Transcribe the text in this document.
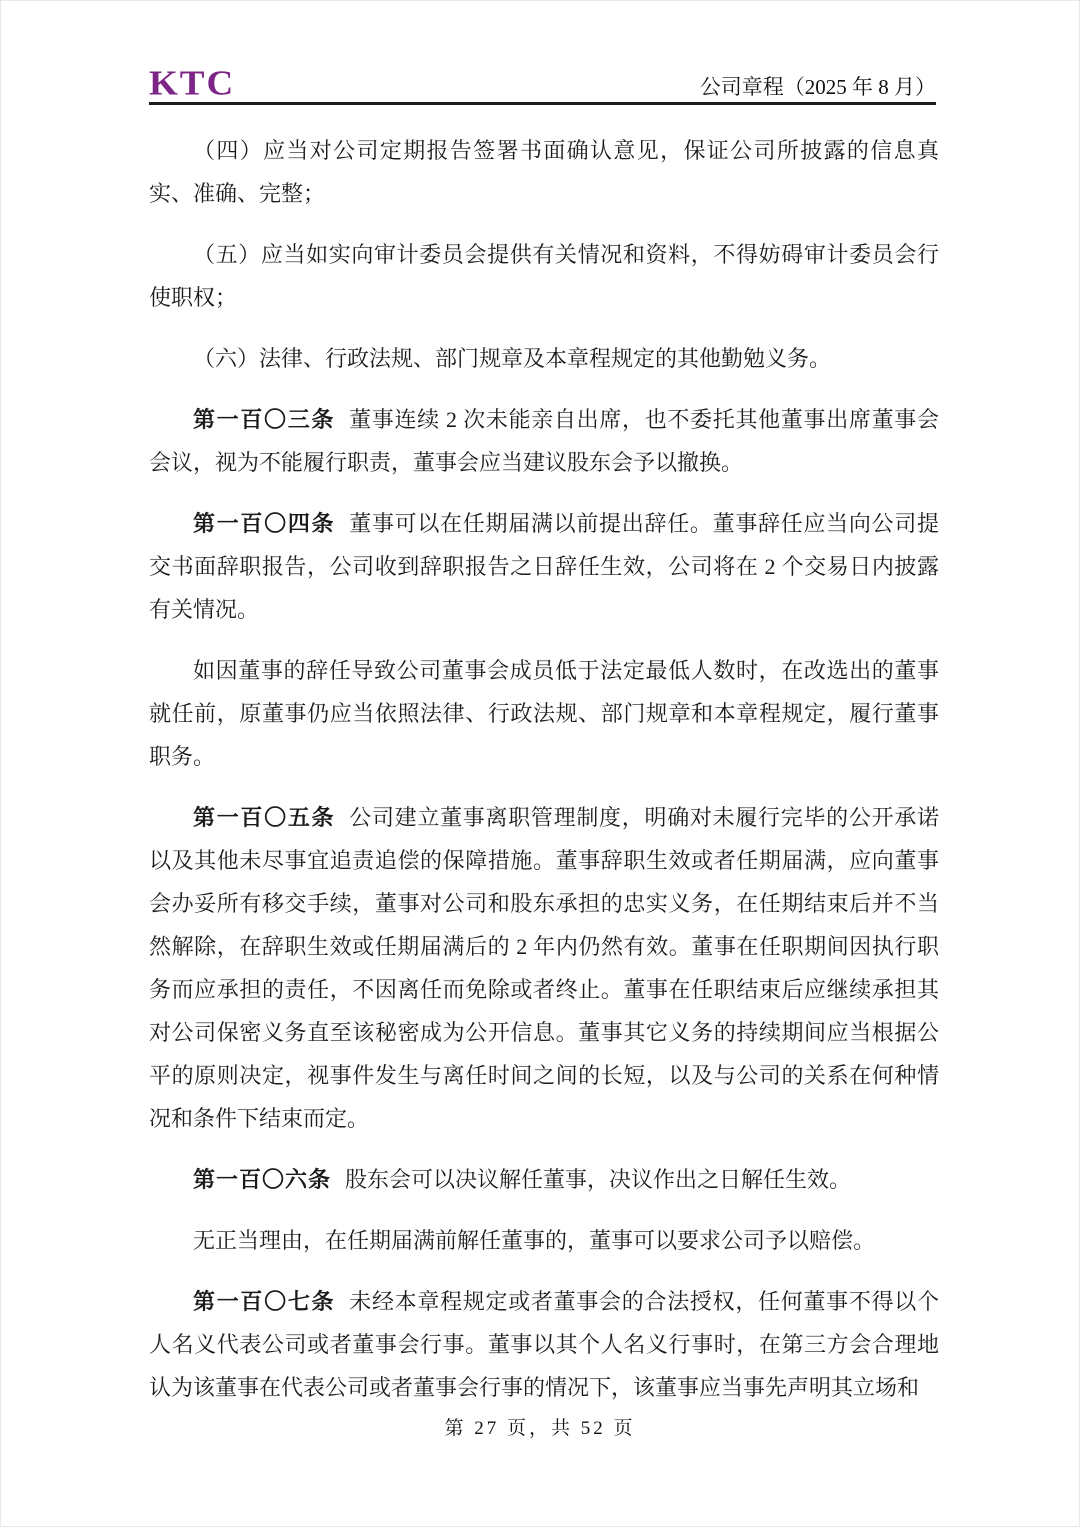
KTC	公司章程（2025 年 8 月）

（四）应当对公司定期报告签署书面确认意见，保证公司所披露的信息真实、准确、完整；

（五）应当如实向审计委员会提供有关情况和资料，不得妨碍审计委员会行使职权；

（六）法律、行政法规、部门规章及本章程规定的其他勤勉义务。

第一百〇三条 董事连续 2 次未能亲自出席，也不委托其他董事出席董事会会议，视为不能履行职责，董事会应当建议股东会予以撤换。

第一百〇四条 董事可以在任期届满以前提出辞任。董事辞任应当向公司提交书面辞职报告，公司收到辞职报告之日辞任生效，公司将在 2 个交易日内披露有关情况。

如因董事的辞任导致公司董事会成员低于法定最低人数时，在改选出的董事就任前，原董事仍应当依照法律、行政法规、部门规章和本章程规定，履行董事职务。

第一百〇五条 公司建立董事离职管理制度，明确对未履行完毕的公开承诺以及其他未尽事宜追责追偿的保障措施。董事辞职生效或者任期届满，应向董事会办妥所有移交手续，董事对公司和股东承担的忠实义务，在任期结束后并不当然解除，在辞职生效或任期届满后的 2 年内仍然有效。董事在任职期间因执行职务而应承担的责任，不因离任而免除或者终止。董事在任职结束后应继续承担其对公司保密义务直至该秘密成为公开信息。董事其它义务的持续期间应当根据公平的原则决定，视事件发生与离任时间之间的长短，以及与公司的关系在何种情况和条件下结束而定。

第一百〇六条 股东会可以决议解任董事，决议作出之日解任生效。

无正当理由，在任期届满前解任董事的，董事可以要求公司予以赔偿。

第一百〇七条 未经本章程规定或者董事会的合法授权，任何董事不得以个人名义代表公司或者董事会行事。董事以其个人名义行事时，在第三方会合理地认为该董事在代表公司或者董事会行事的情况下，该董事应当事先声明其立场和

第 27 页，共 52 页
